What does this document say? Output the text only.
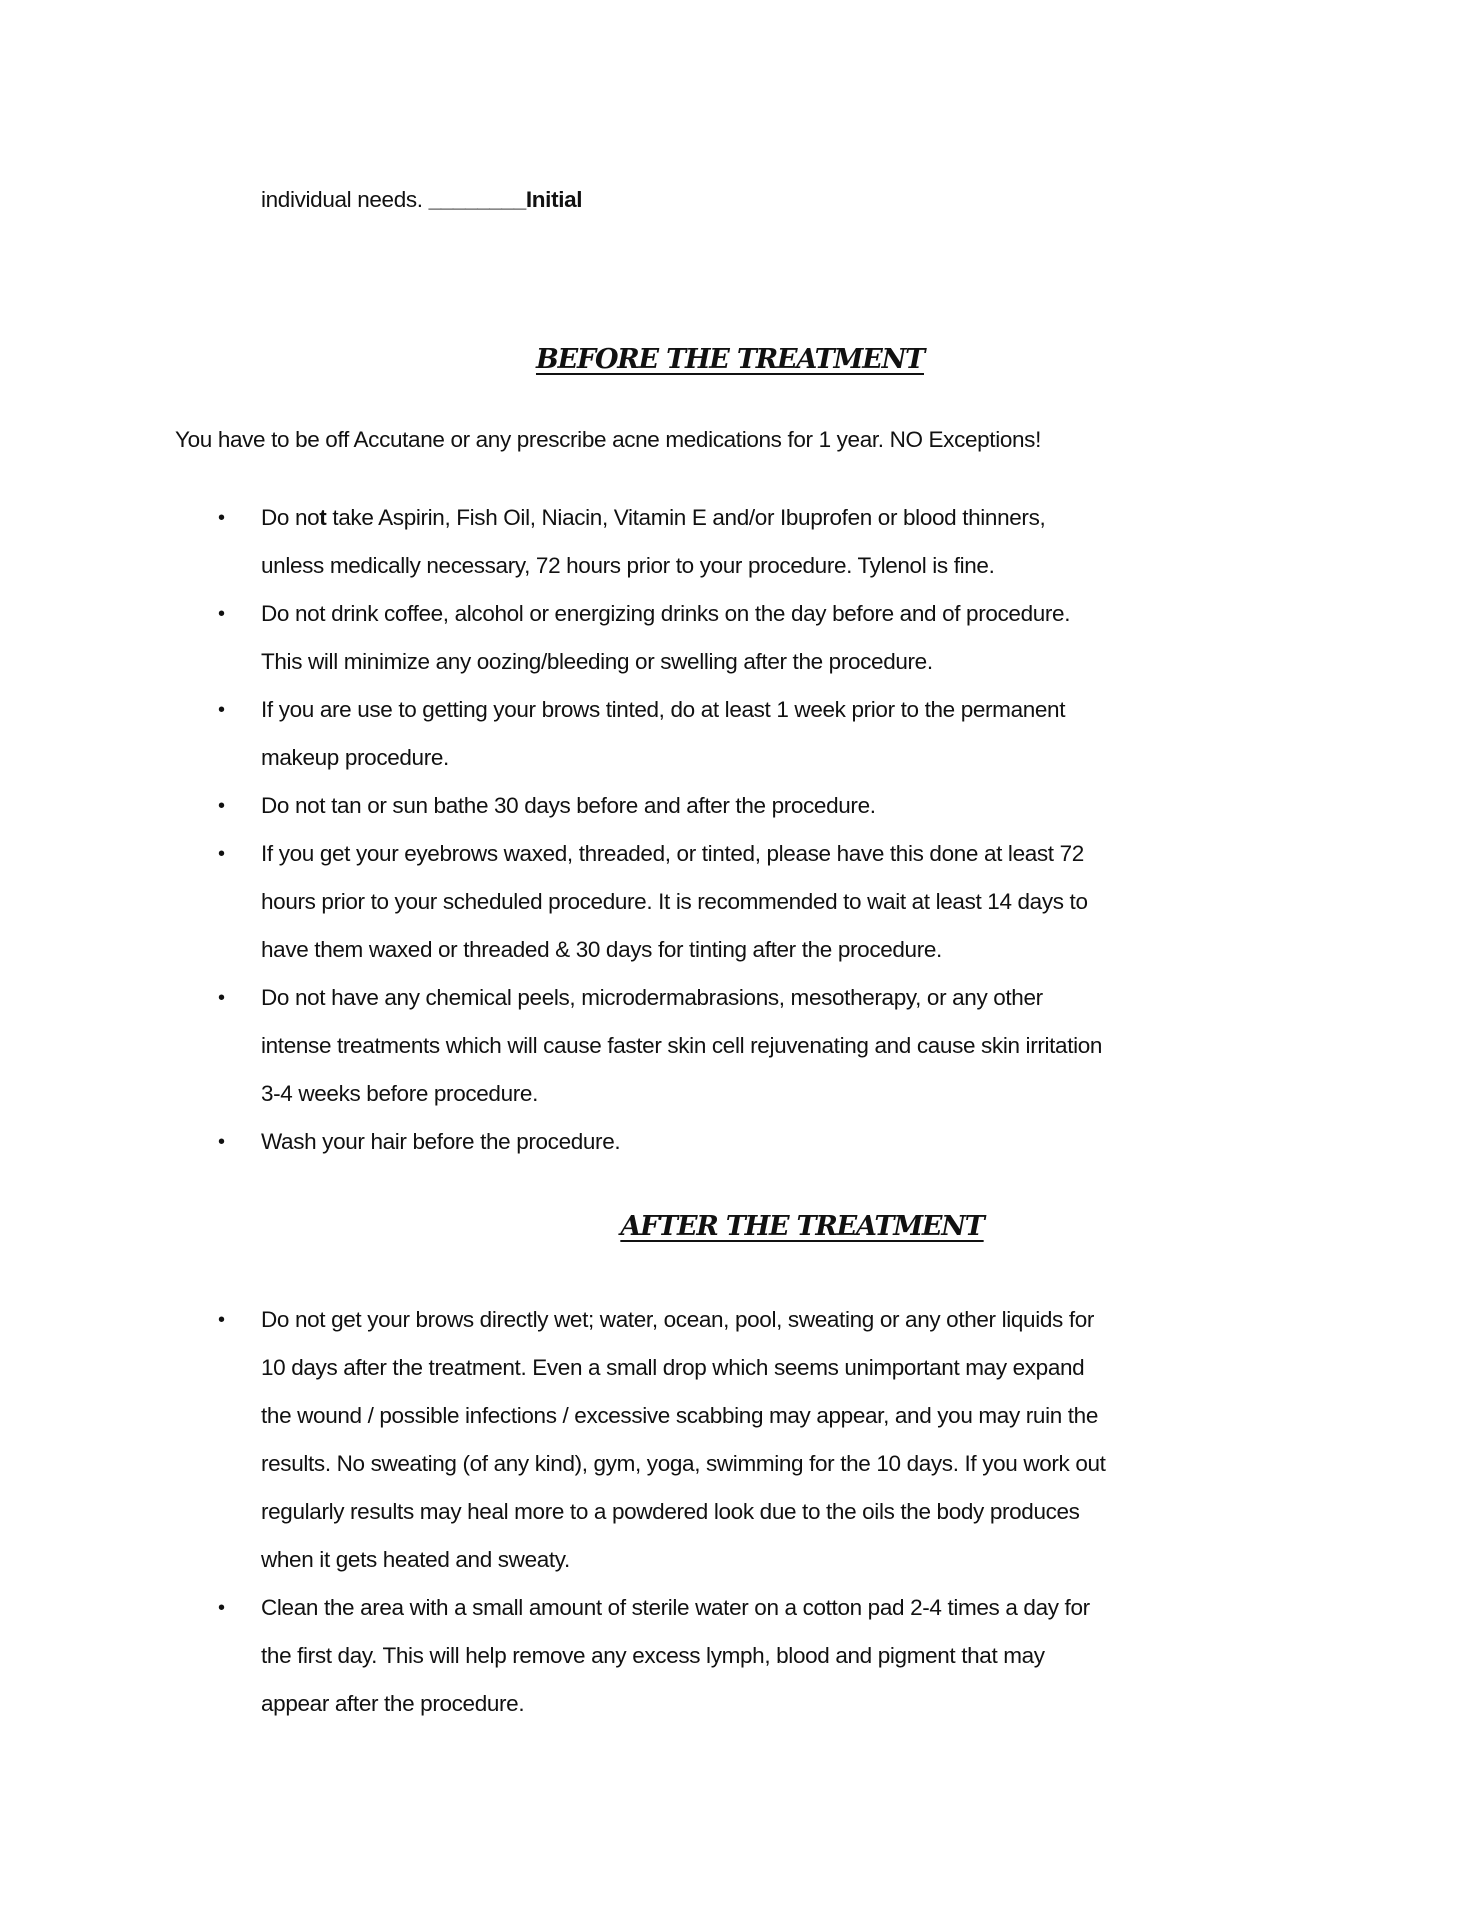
individual needs. ________Initial
BEFORE THE TREATMENT
You have to be off Accutane or any prescribe acne medications for 1 year. NO Exceptions!
•	Do not take Aspirin, Fish Oil, Niacin, Vitamin E and/or Ibuprofen or blood thinners,
unless medically necessary, 72 hours prior to your procedure. Tylenol is fine.
•	Do not drink coffee, alcohol or energizing drinks on the day before and of procedure.
This will minimize any oozing/bleeding or swelling after the procedure.
•	If you are use to getting your brows tinted, do at least 1 week prior to the permanent
makeup procedure.
•	Do not tan or sun bathe 30 days before and after the procedure.
•	If you get your eyebrows waxed, threaded, or tinted, please have this done at least 72
hours prior to your scheduled procedure. It is recommended to wait at least 14 days to
have them waxed or threaded & 30 days for tinting after the procedure.
•	Do not have any chemical peels, microdermabrasions, mesotherapy, or any other
intense treatments which will cause faster skin cell rejuvenating and cause skin irritation
3-4 weeks before procedure.
•	Wash your hair before the procedure.
AFTER THE TREATMENT
•	Do not get your brows directly wet; water, ocean, pool, sweating or any other liquids for
10 days after the treatment. Even a small drop which seems unimportant may expand
the wound / possible infections / excessive scabbing may appear, and you may ruin the
results. No sweating (of any kind), gym, yoga, swimming for the 10 days. If you work out
regularly results may heal more to a powdered look due to the oils the body produces
when it gets heated and sweaty.
•	Clean the area with a small amount of sterile water on a cotton pad 2-4 times a day for
the first day. This will help remove any excess lymph, blood and pigment that may
appear after the procedure.
